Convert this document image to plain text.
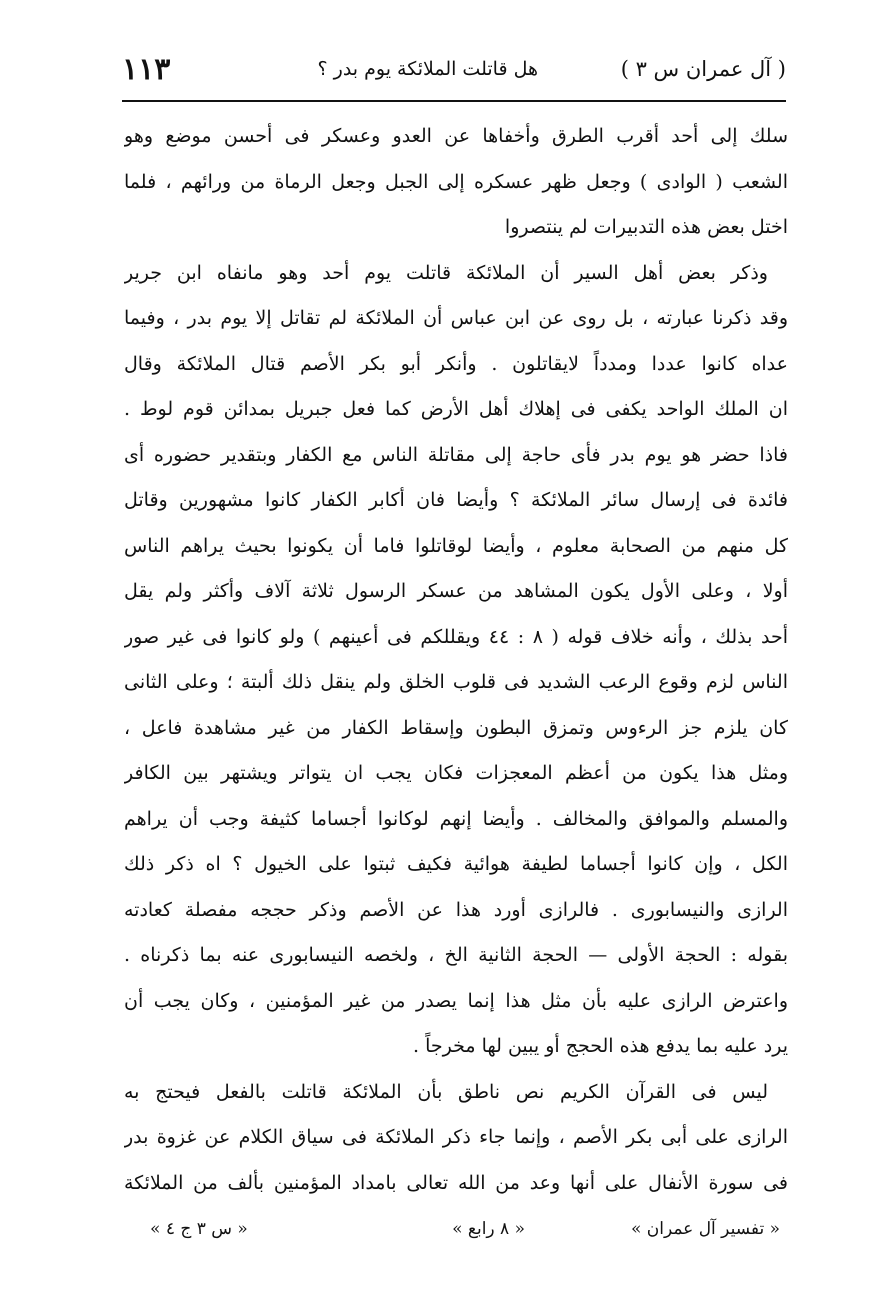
( آل عمران س ٣ )
هل قاتلت الملائكة يوم بدر ؟
١١٣
سلك إلى أحد أقرب الطرق وأخفاها عن العدو وعسكر فى أحسن موضع وهو
الشعب ( الوادى ) وجعل ظهر عسكره إلى الجبل وجعل الرماة من ورائهم ، فلما
اختل بعض هذه التدبيرات لم ينتصروا
وذكر بعض أهل السير أن الملائكة قاتلت يوم أحد وهو مانفاه ابن جرير
وقد ذكرنا عبارته ، بل روى عن ابن عباس أن الملائكة لم تقاتل إلا يوم بدر ، وفيما
عداه كانوا عددا ومدداً لايقاتلون . وأنكر أبو بكر الأصم قتال الملائكة وقال
ان الملك الواحد يكفى فى إهلاك أهل الأرض كما فعل جبريل بمدائن قوم لوط .
فاذا حضر هو يوم بدر فأى حاجة إلى مقاتلة الناس مع الكفار وبتقدير حضوره أى
فائدة فى إرسال سائر الملائكة ؟ وأيضا فان أكابر الكفار كانوا مشهورين وقاتل
كل منهم من الصحابة معلوم ، وأيضا لوقاتلوا فاما أن يكونوا بحيث يراهم الناس
أولا ، وعلى الأول يكون المشاهد من عسكر الرسول ثلاثة آلاف وأكثر ولم يقل
أحد بذلك ، وأنه خلاف قوله ( ٨ : ٤٤ ويقللكم فى أعينهم ) ولو كانوا فى غير صور
الناس لزم وقوع الرعب الشديد فى قلوب الخلق ولم ينقل ذلك ألبتة ؛ وعلى الثانى
كان يلزم جز الرءوس وتمزق البطون وإسقاط الكفار من غير مشاهدة فاعل ،
ومثل هذا يكون من أعظم المعجزات فكان يجب ان يتواتر ويشتهر بين الكافر
والمسلم والموافق والمخالف . وأيضا إنهم لوكانوا أجساما كثيفة وجب أن يراهم
الكل ، وإن كانوا أجساما لطيفة هوائية فكيف ثبتوا على الخيول ؟ اه ذكر ذلك
الرازى والنيسابورى . فالرازى أورد هذا عن الأصم وذكر حججه مفصلة كعادته
بقوله : الحجة الأولى — الحجة الثانية الخ ، ولخصه النيسابورى عنه بما ذكرناه .
واعترض الرازى عليه بأن مثل هذا إنما يصدر من غير المؤمنين ، وكان يجب أن
يرد عليه بما يدفع هذه الحجج أو يبين لها مخرجاً .
ليس فى القرآن الكريم نص ناطق بأن الملائكة قاتلت بالفعل فيحتج به
الرازى على أبى بكر الأصم ، وإنما جاء ذكر الملائكة فى سياق الكلام عن غزوة بدر
فى سورة الأنفال على أنها وعد من الله تعالى بامداد المؤمنين بألف من الملائكة
« تفسير آل عمران »
« ٨ رابع »
« س ٣ ج ٤ »
